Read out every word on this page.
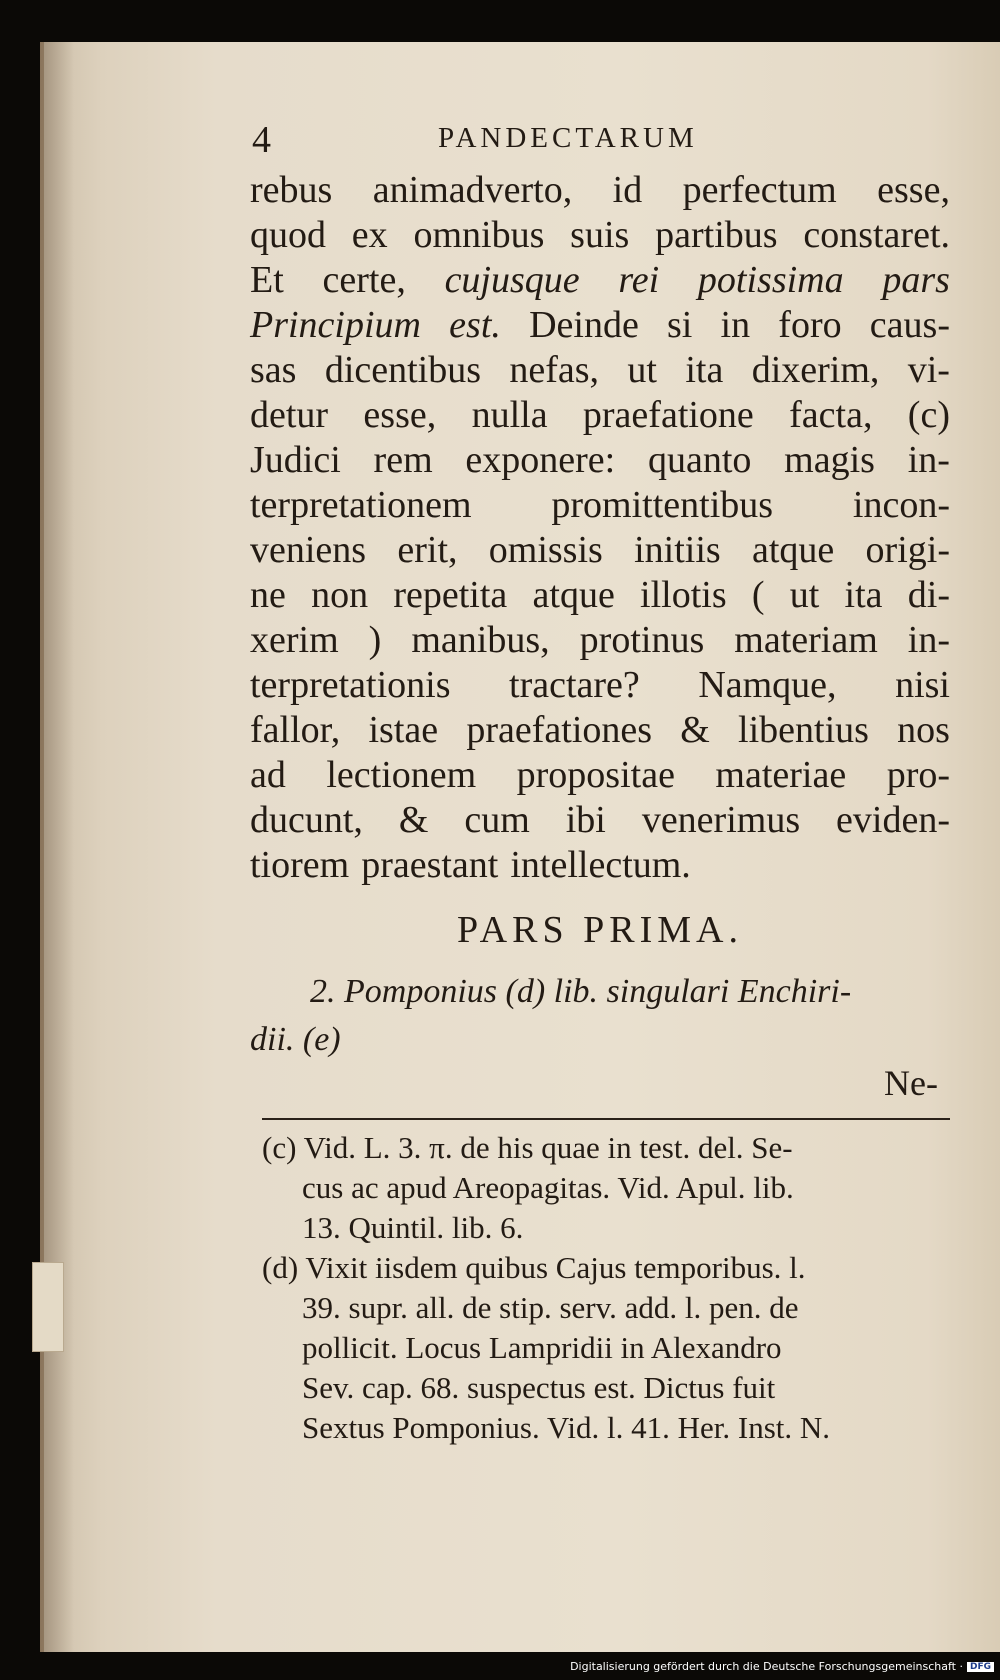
4	PANDECTARUM
rebus animadverto, id perfectum esse,
quod ex omnibus suis partibus constaret.
Et certe, cujusque rei potissima pars
Principium est. Deinde si in foro caus-
sas dicentibus nefas, ut ita dixerim, vi-
detur esse, nulla praefatione facta, (c)
Judici rem exponere: quanto magis in-
terpretationem promittentibus incon-
veniens erit, omissis initiis atque origi-
ne non repetita atque illotis ( ut ita di-
xerim ) manibus, protinus materiam in-
terpretationis tractare? Namque, nisi
fallor, istae praefationes & libentius nos
ad lectionem propositae materiae pro-
ducunt, & cum ibi venerimus eviden-
tiorem praestant intellectum.
PARS PRIMA.
2. Pomponius (d) lib. singulari Enchiri-
dii. (e)
Ne-
(c) Vid. L. 3. π. de his quae in test. del. Se-
cus ac apud Areopagitas. Vid. Apul. lib.
13. Quintil. lib. 6.
(d) Vixit iisdem quibus Cajus temporibus. l.
39. supr. all. de stip. serv. add. l. pen. de
pollicit. Locus Lampridii in Alexandro
Sev. cap. 68. suspectus est. Dictus fuit
Sextus Pomponius. Vid. l. 41. Her. Inst. N.
Digitalisierung gefördert durch die Deutsche Forschungsgemeinschaft · DFG
